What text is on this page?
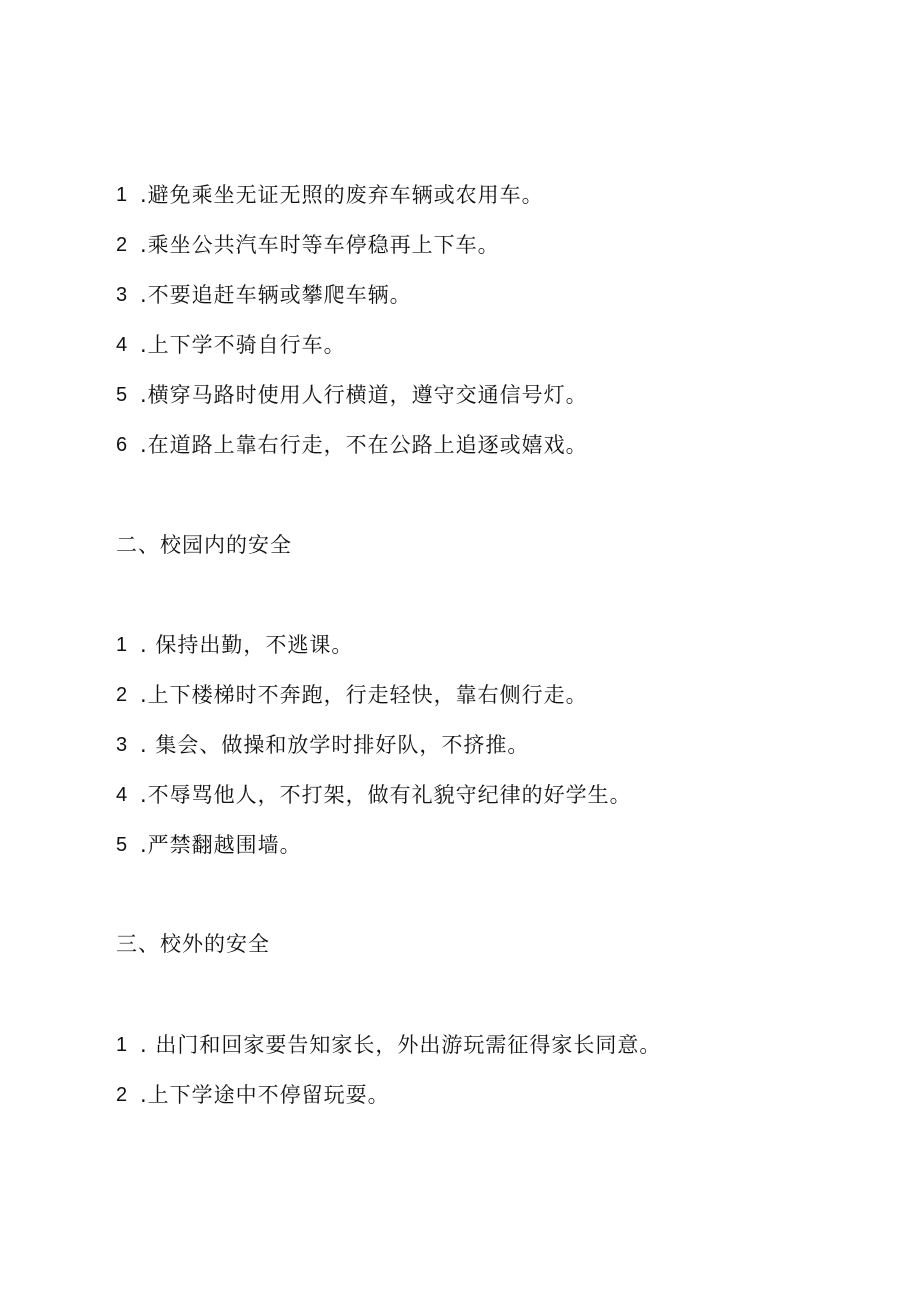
1 .避免乘坐无证无照的废弃车辆或农用车。
2 .乘坐公共汽车时等车停稳再上下车。
3 .不要追赶车辆或攀爬车辆。
4 .上下学不骑自行车。
5 .横穿马路时使用人行横道，遵守交通信号灯。
6 .在道路上靠右行走，不在公路上追逐或嬉戏。
二、校园内的安全
1 . 保持出勤，不逃课。
2 .上下楼梯时不奔跑，行走轻快，靠右侧行走。
3 . 集会、做操和放学时排好队，不挤推。
4 .不辱骂他人，不打架，做有礼貌守纪律的好学生。
5 .严禁翻越围墙。
三、校外的安全
1 . 出门和回家要告知家长，外出游玩需征得家长同意。
2 .上下学途中不停留玩耍。
